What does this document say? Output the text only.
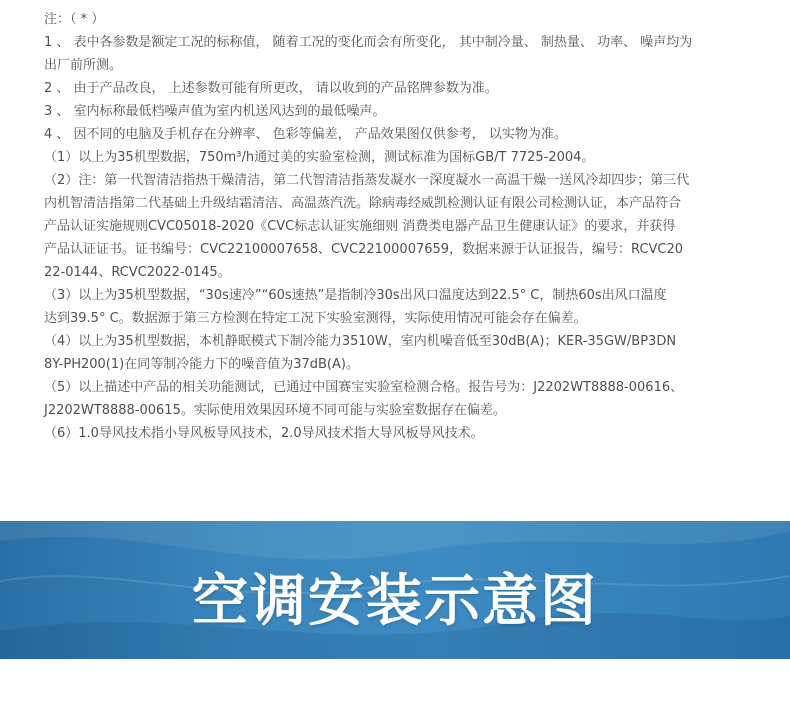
注：（ * ）
1 、 表中各参数是额定工况的标称值， 随着工况的变化而会有所变化， 其中制冷量、 制热量、 功率、 噪声均为
出厂前所测。
2 、 由于产品改良， 上述参数可能有所更改， 请以收到的产品铭牌参数为准。
3 、 室内标称最低档噪声值为室内机送风达到的最低噪声。
4 、 因不同的电脑及手机存在分辨率、 色彩等偏差， 产品效果图仅供参考， 以实物为准。
（1）以上为35机型数据，750m³/h通过美的实验室检测，测试标准为国标GB/T 7725-2004。
（2）注：第一代智清洁指热干燥清洁，第二代智清洁指蒸发凝水一深度凝水一高温干燥一送风冷却四步；第三代
内机智清洁指第二代基础上升级结霜清洁、高温蒸汽洗。除病毒经威凯检测认证有限公司检测认证，本产品符合
产品认证实施规则CVC05018-2020《CVC标志认证实施细则 消费类电器产品卫生健康认证》的要求，并获得
产品认证证书。证书编号：CVC22100007658、CVC22100007659，数据来源于认证报告，编号：RCVC20
22-0144、RCVC2022-0145。
（3）以上为35机型数据，“30s速冷”“60s速热”是指制冷30s出风口温度达到22.5° C，制热60s出风口温度
达到39.5° C。数据源于第三方检测在特定工况下实验室测得，实际使用情况可能会存在偏差。
（4）以上为35机型数据，本机静眠模式下制冷能力3510W，室内机噪音低至30dB(A)；KER-35GW/BP3DN
8Y-PH200(1)在同等制冷能力下的噪音值为37dB(A)。
（5）以上描述中产品的相关功能测试，已通过中国赛宝实验室检测合格。报告号为：J2202WT8888-00616、
J2202WT8888-00615。实际使用效果因环境不同可能与实验室数据存在偏差。
（6）1.0导风技术指小导风板导风技术，2.0导风技术指大导风板导风技术。
空调安装示意图
